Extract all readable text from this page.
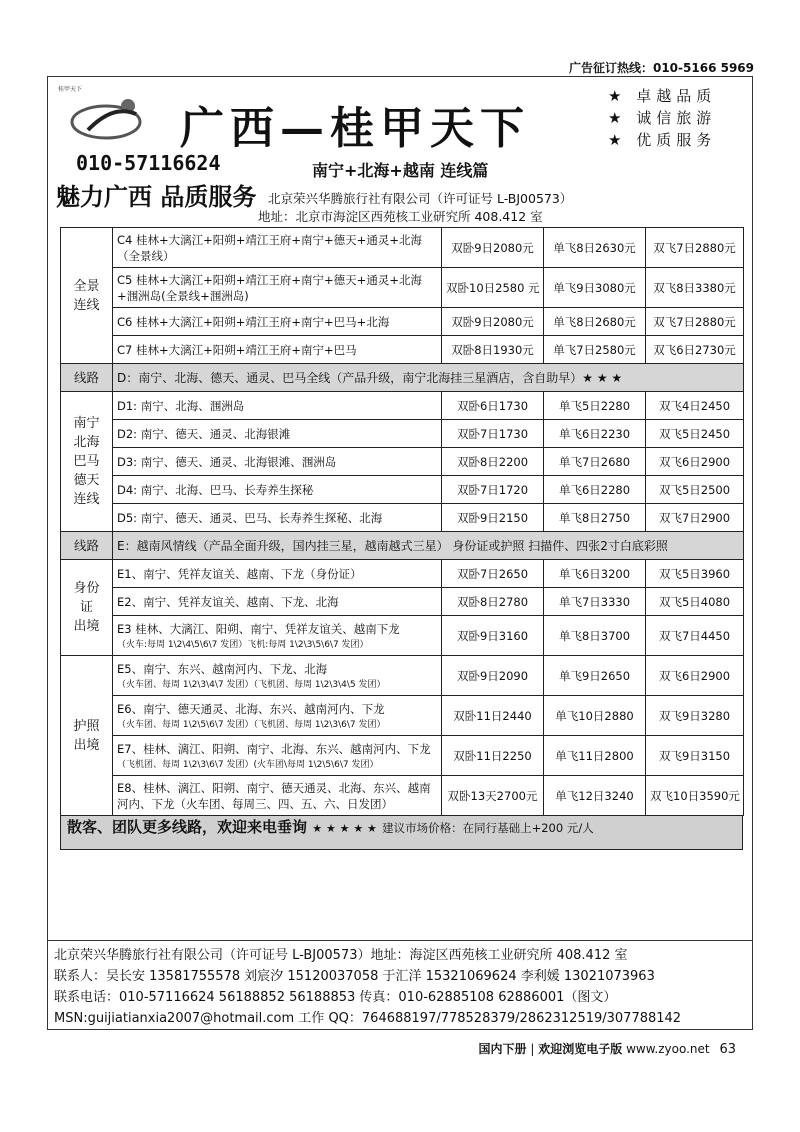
广告征订热线：010-5166 5969
桂甲天下
广西—桂甲天下
★ 卓越品质
★ 诚信旅游
★ 优质服务
010-57116624	南宁+北海+越南 连线篇
魅力广西 品质服务 北京荣兴华腾旅行社有限公司（许可证号 L-BJ00573）
地址：北京市海淀区西苑核工业研究所 408.412 室
全景
连线	C4 桂林+大漓江+阳朔+靖江王府+南宁+德天+通灵+北海（全景线）	双卧9日2080元	单飞8日2630元	双飞7日2880元
	C5 桂林+大漓江+阳朔+靖江王府+南宁+德天+通灵+北海+涠洲岛(全景线+涠洲岛)	双卧10日2580 元	单飞9日3080元	双飞8日3380元
	C6 桂林+大漓江+阳朔+靖江王府+南宁+巴马+北海	双卧9日2080元	单飞8日2680元	双飞7日2880元
	C7 桂林+大漓江+阳朔+靖江王府+南宁+巴马	双卧8日1930元	单飞7日2580元	双飞6日2730元
线路	D：南宁、北海、德天、通灵、巴马全线（产品升级，南宁北海挂三星酒店，含自助早）★ ★ ★			
南宁
北海
巴马
德天
连线	D1: 南宁、北海、涠洲岛	双卧6日1730	单飞5日2280	双飞4日2450
	D2: 南宁、德天、通灵、北海银滩	双卧7日1730	单飞6日2230	双飞5日2450
	D3: 南宁、德天、通灵、北海银滩、涠洲岛	双卧8日2200	单飞7日2680	双飞6日2900
	D4: 南宁、北海、巴马、长寿养生探秘	双卧7日1720	单飞6日2280	双飞5日2500
	D5: 南宁、德天、通灵、巴马、长寿养生探秘、北海	双卧9日2150	单飞8日2750	双飞7日2900
线路	E：越南风情线（产品全面升级，国内挂三星，越南越式三星） 身份证或护照 扫描件、四张2寸白底彩照			
身份
证
出境	E1、南宁、凭祥友谊关、越南、下龙（身份证）	双卧7日2650	单飞6日3200	双飞5日3960
	E2、南宁、凭祥友谊关、越南、下龙、北海	双卧8日2780	单飞7日3330	双飞5日4080
	E3 桂林、大漓江、阳朔、南宁、凭祥友谊关、越南下龙
（火车:每周 1\2\4\5\6\7 发团）飞机:每周 1\2\3\5\6\7 发团）	双卧9日3160	单飞8日3700	双飞7日4450
护照
出境	E5、南宁、东兴、越南河内、下龙、北海
（火车团、每周 1\2\3\4\7 发团）（飞机团、每周 1\2\3\4\5 发团）	双卧9日2090	单飞9日2650	双飞6日2900
	E6、南宁、德天通灵、北海、东兴、越南河内、下龙
（火车团、每周 1\2\5\6\7 发团）（飞机团、每周 1\2\3\6\7 发团）	双卧11日2440	单飞10日2880	双飞9日3280
	E7、桂林、漓江、阳朔、南宁、北海、东兴、越南河内、下龙
（飞机团、每周 1\2\3\6\7 发团）(火车团\每周 1\2\5\6\7 发团）	双卧11日2250	单飞11日2800	双飞9日3150
	E8、桂林、漓江、阳朔、南宁、德天通灵、北海、东兴、越南河内、下龙（火车团、每周三、四、五、六、日发团）	双卧13天2700元	单飞12日3240	双飞10日3590元
散客、团队更多线路，欢迎来电垂询 ★ ★ ★ ★ ★ 建议市场价格：在同行基础上+200 元/人
北京荣兴华腾旅行社有限公司（许可证号 L-BJ00573）地址：海淀区西苑核工业研究所 408.412 室
联系人：吴长安 13581755578 刘宸汐 15120037058 于汇洋 15321069624 李利媛 13021073963
联系电话：010-57116624 56188852 56188853 传真：010-62885108 62886001（图文）
MSN:guijiatianxia2007@hotmail.com 工作 QQ：764688197/778528379/2862312519/307788142
国内下册 | 欢迎浏览电子版 www.zyoo.net 63
